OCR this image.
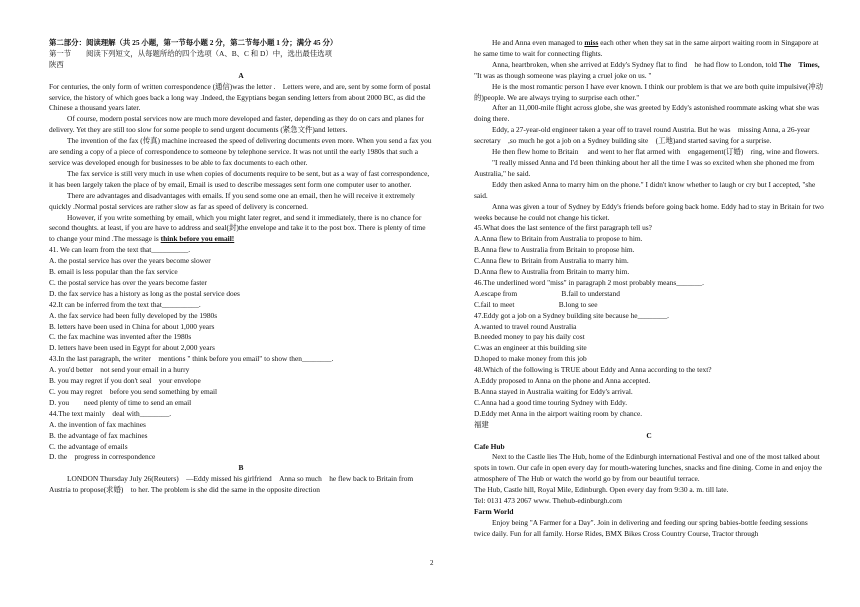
第二部分：阅读理解（共 25 小题，第一节每小题 2 分，第二节每小题 1 分；满分 45 分）

第一节　　阅读下列短文，从每题所给的四个选项（A、B、C 和 D）中，选出最佳选项

陕西

A

For centuries, the only form of written correspondence (通信)was the letter .　Letters were, and are, sent by some form of postal service, the history of which goes back a long way .Indeed, the Egyptians began sending letters from about 2000 BC, as did the Chinese a thousand years later.

Of course, modern postal services now are much more developed and faster, depending as they do on cars and planes for delivery. Yet they are still too slow for some people to send urgent documents (紧急文件)and letters.

The invention of the fax (传真) machine increased the speed of delivering documents even more. When you send a fax you are sending a copy of a piece of correspondence to someone by telephone service. It was not until the early 1980s that such a service was developed enough for businesses to be able to fax documents to each other.

The fax service is still very much in use when copies of documents require to be sent, but as a way of fast correspondence, it has been largely taken the place of by email, Email is used to describe messages sent form one computer user to another.

There are advantages and disadvantages with emails. If you send some one an email, then he will receive it extremely quickly .Normal postal services are rather slow as far as speed of delivery is concerned.

However, if you write something by email, which you might later regret, and send it immediately, there is no chance for second thoughts. at least, if you are have to address and seal(封)the envelope and take it to the post box. There is plenty of time to change your mind .The message is think before you email!

41. We can learn from the text that__________.

A. the postal service has over the years become slower

B. email is less popular than the fax service

C. the postal service has over the years become faster

D. the fax service has a history as long as the postal service does

42.It can be inferred from the text that__________.

A. the fax service had been fully developed by the 1980s

B. letters have been used in China for about 1,000 years

C. the fax machine was invented after the 1980s

D. letters have been used in Egypt for about 2,000 years

43.In the last paragraph, the writer　mentions " think before you email" to show then________.

A. you'd better　not send your email in a hurry

B. you may regret if you don't seal　your envelope

C. you may regret　before you send something by email

D. you　　need plenty of time to send an email

44.The text mainly　deal with________.

A. the invention of fax machines

B. the advantage of fax machines

C. the advantage of emails

D. the　progress in correspondence

B

LONDON Thursday July 26(Reuters)　—Eddy missed his girlfriend　Anna so much　he flew back to Britain from Austria to propose(求婚)　to her. The problem is she did the same in the opposite direction

He and Anna even managed to miss each other when they sat in the same airport waiting room in Singapore at he same time to wait for connecting flights.

Anna, heartbroken, when she arrived at Eddy's Sydney flat to find　he had flow to London, told The　Times, "It was as though someone was playing a cruel joke on us. "

He is the most romantic person I have ever known. I think our problem is that we are both quite impulsive(冲动的)people. We are always trying to surprise each other."

After an 11,000-mile flight across globe, she was greeted by Eddy's astonished roommate asking what she was doing there.

Eddy, a 27-year-old engineer taken a year off to travel round Austria. But he was　missing Anna, a 26-year secretary　,so much he got a job on a Sydney building site　(工地)and started saving for a surprise.

He then flew home to Britain　 and went to her flat armed with　engagement(订婚)　ring, wine and flowers.

"I really missed Anna and I'd been thinking about her all the time I was so excited when she phoned me from Australia," he said.

Eddy then asked Anna to marry him on the phone." I didn't know whether to laugh or cry but I accepted, "she said.

Anna was given a tour of Sydney by Eddy's friends before going back home. Eddy had to stay in Britain for two weeks because he could not change his ticket.

45.What does the last sentence of the first paragraph tell us?

A.Anna flew to Britain from Australia to propose to him.

B.Anna flew to Australia from Britain to propose him.

C.Anna flew to Britain from Australia to marry him.

D.Anna flew to Australia from Britain to marry him.

46.The underlined word "miss" in paragraph 2 most probably means_______.

A.escape from　　　　　　B.fail to understand

C.fail to meet　　　　　　B.long to see

47.Eddy got a job on a Sydney building site because he________.

A.wanted to travel round Australia

B.needed money to pay his daily cost

C.was an engineer at this building site

D.hoped to make money from this job

48.Which of the following is TRUE about Eddy and Anna according to the text?

A.Eddy proposed to Anna on the phone and Anna accepted.

B.Anna stayed in Australia waiting for Eddy's arrival.

C.Anna had a good time touring Sydney with Eddy.

D.Eddy met Anna in the airport waiting room by chance.

福建

C

Cafe Hub

Next to the Castle lies The Hub, home of the Edinburgh international Festival and one of the most talked about spots in town. Our cafe in open every day for mouth-watering lunches, snacks and fine dining. Come in and enjoy the atmosphere of The Hub or watch the world go by from our beautiful terrace.

The Hub, Castle hill, Royal Mile, Edinburgh. Open every day from 9:30 a. m. till late.

Tel: 0131 473 2067 www. Thehub-edinburgh.com

Farm World

Enjoy being "A Farmer for a Day". Join in delivering and feeding our spring babies-bottle feeding sessions twice daily. Fun for all family. Horse Rides, BMX Bikes Cross Country Course, Tractor through

2
